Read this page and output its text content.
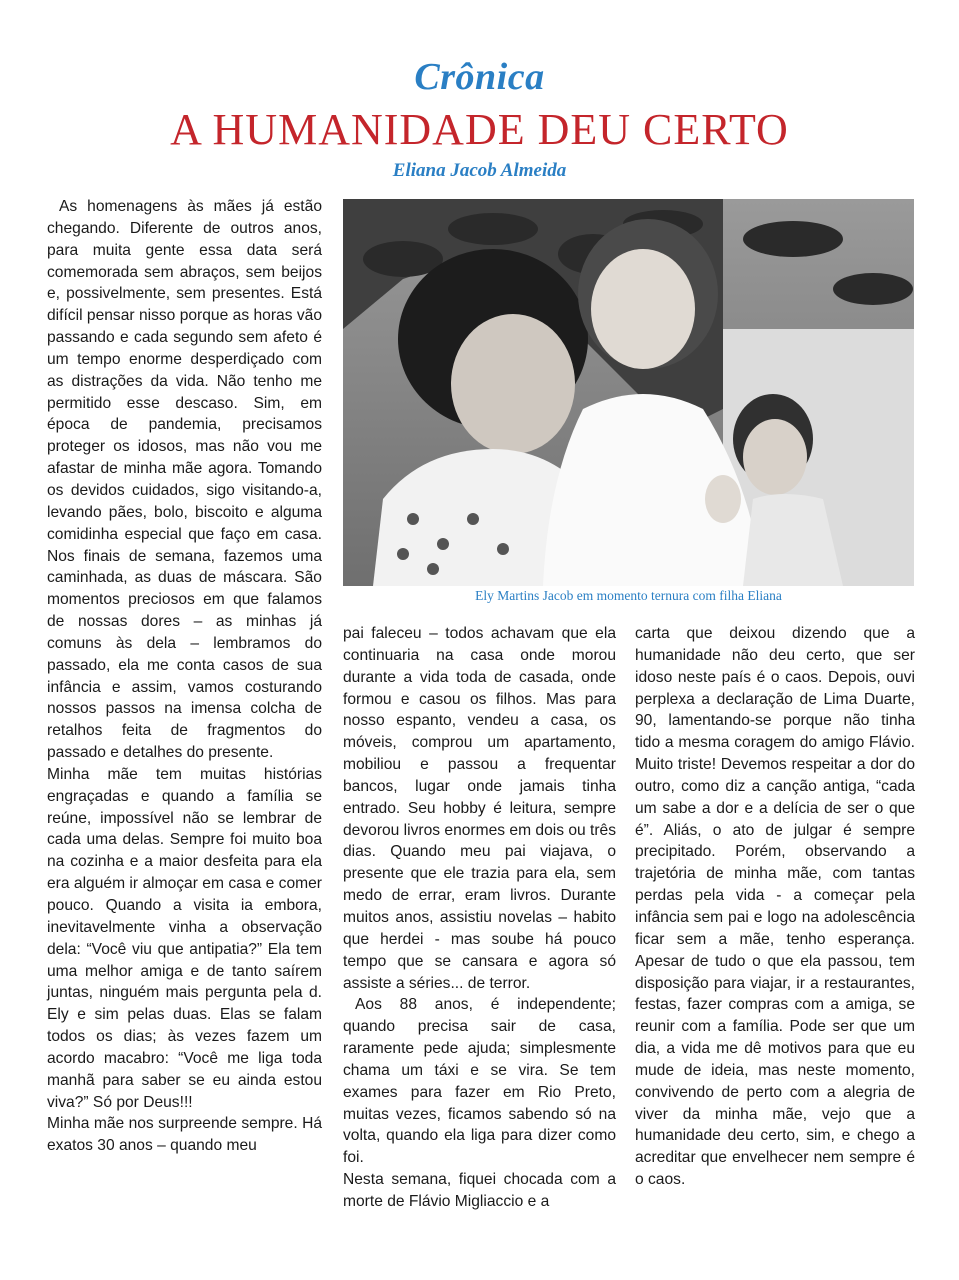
Crônica
A HUMANIDADE DEU CERTO
Eliana Jacob Almeida

As homenagens às mães já estão chegando. Diferente de outros anos, para muita gente essa data será comemorada sem abraços, sem beijos e, possivelmente, sem presentes. Está difícil pensar nisso porque as horas vão passando e cada segundo sem afeto é um tempo enorme desperdiçado com as distrações da vida. Não tenho me permitido esse descaso. Sim, em época de pandemia, precisamos proteger os idosos, mas não vou me afastar de minha mãe agora. Tomando os devidos cuidados, sigo visitando-a, levando pães, bolo, biscoito e alguma comidinha especial que faço em casa. Nos finais de semana, fazemos uma caminhada, as duas de máscara. São momentos preciosos em que falamos de nossas dores – as minhas já comuns às dela – lembramos do passado, ela me conta casos de sua infância e assim, vamos costurando nossos passos na imensa colcha de retalhos feita de fragmentos do passado e detalhes do presente.

Minha mãe tem muitas histórias engraçadas e quando a família se reúne, impossível não se lembrar de cada uma delas. Sempre foi muito boa na cozinha e a maior desfeita para ela era alguém ir almoçar em casa e comer pouco. Quando a visita ia embora, inevitavelmente vinha a observação dela: “Você viu que antipatia?” Ela tem uma melhor amiga e de tanto saírem juntas, ninguém mais pergunta pela d. Ely e sim pelas duas. Elas se falam todos os dias; às vezes fazem um acordo macabro: “Você me liga toda manhã para saber se eu ainda estou viva?” Só por Deus!!!

Minha mãe nos surpreende sempre. Há exatos 30 anos – quando meu

Ely Martins Jacob em momento ternura com filha Eliana

pai faleceu – todos achavam que ela continuaria na casa onde morou durante a vida toda de casada, onde formou e casou os filhos. Mas para nosso espanto, vendeu a casa, os móveis, comprou um apartamento, mobiliou e passou a frequentar bancos, lugar onde jamais tinha entrado. Seu hobby é leitura, sempre devorou livros enormes em dois ou três dias. Quando meu pai viajava, o presente que ele trazia para ela, sem medo de errar, eram livros. Durante muitos anos, assistiu novelas – habito que herdei - mas soube há pouco tempo que se cansara e agora só assiste a séries... de terror.

Aos 88 anos, é independente; quando precisa sair de casa, raramente pede ajuda; simplesmente chama um táxi e se vira. Se tem exames para fazer em Rio Preto, muitas vezes, ficamos sabendo só na volta, quando ela liga para dizer como foi.

Nesta semana, fiquei chocada com a morte de Flávio Migliaccio e a

carta que deixou dizendo que a humanidade não deu certo, que ser idoso neste país é o caos. Depois, ouvi perplexa a declaração de Lima Duarte, 90, lamentando-se porque não tinha tido a mesma coragem do amigo Flávio. Muito triste! Devemos respeitar a dor do outro, como diz a canção antiga, “cada um sabe a dor e a delícia de ser o que é”. Aliás, o ato de julgar é sempre precipitado. Porém, observando a trajetória de minha mãe, com tantas perdas pela vida - a começar pela infância sem pai e logo na adolescência ficar sem a mãe, tenho esperança. Apesar de tudo o que ela passou, tem disposição para viajar, ir a restaurantes, festas, fazer compras com a amiga, se reunir com a família. Pode ser que um dia, a vida me dê motivos para que eu mude de ideia, mas neste momento, convivendo de perto com a alegria de viver da minha mãe, vejo que a humanidade deu certo, sim, e chego a acreditar que envelhecer nem sempre é o caos.
